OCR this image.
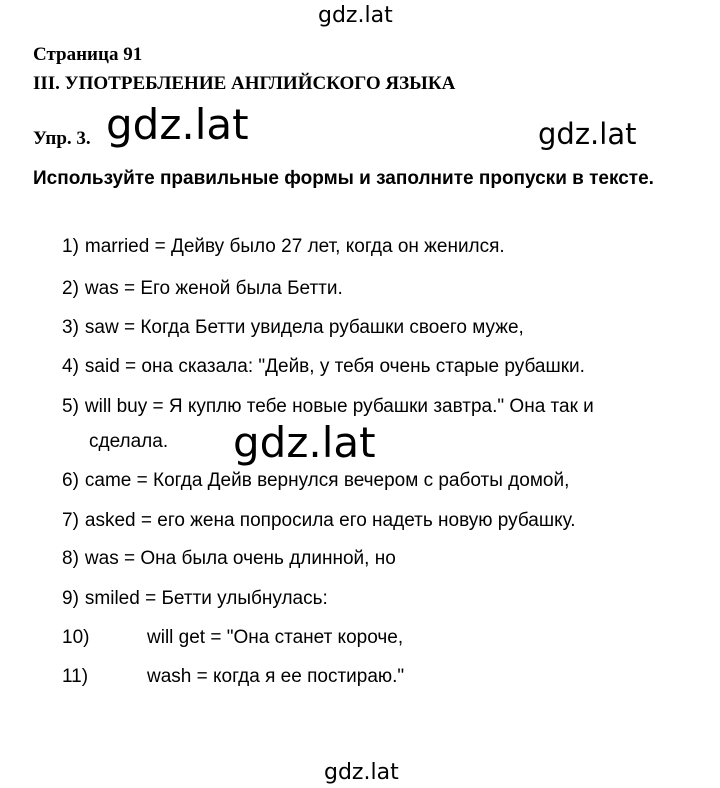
gdz.lat
gdz.lat	gdz.lat
gdz.lat
gdz.lat
Страница 91
III. УПОТРЕБЛЕНИЕ АНГЛИЙСКОГО ЯЗЫКА
Упр. 3.

Используйте правильные формы и заполните пропуски в тексте.

1) married = Дейву было 27 лет, когда он женился.
2) was = Его женой была Бетти.
3) saw = Когда Бетти увидела рубашки своего муже,
4) said = она сказала: "Дейв, у тебя очень старые рубашки.
5) will buy = Я куплю тебе новые рубашки завтра." Она так и
сделала.
6) came = Когда Дейв вернулся вечером с работы домой,
7) asked = его жена попросила его надеть новую рубашку.
8) was = Она была очень длинной, но
9) smiled = Бетти улыбнулась:
10)	will get = "Она станет короче,
11)	wash = когда я ее постираю."
